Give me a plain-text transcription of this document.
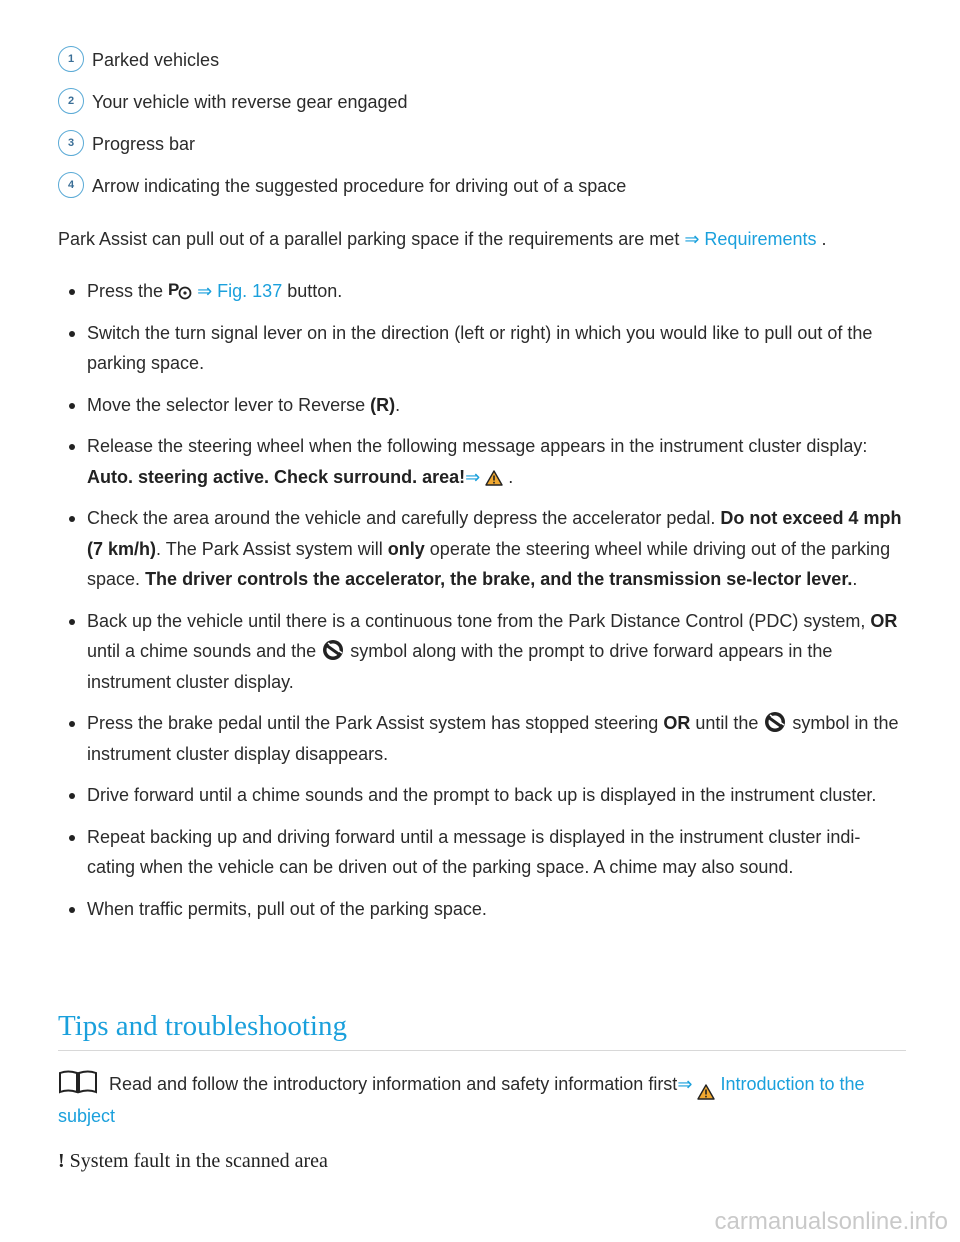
1 Parked vehicles
2 Your vehicle with reverse gear engaged
3 Progress bar
4 Arrow indicating the suggested procedure for driving out of a space
Park Assist can pull out of a parallel parking space if the requirements are met ⇒ Requirements .
Press the P ⇒ Fig. 137 button.
Switch the turn signal lever on in the direction (left or right) in which you would like to pull out of the parking space.
Move the selector lever to Reverse (R).
Release the steering wheel when the following message appears in the instrument cluster display: Auto. steering active. Check surround. area!⇒ .
Check the area around the vehicle and carefully depress the accelerator pedal. Do not exceed 4 mph (7 km/h). The Park Assist system will only operate the steering wheel while driving out of the parking space. The driver controls the accelerator, the brake, and the transmission se-lector lever..
Back up the vehicle until there is a continuous tone from the Park Distance Control (PDC) system, OR until a chime sounds and the symbol along with the prompt to drive forward appears in the instrument cluster display.
Press the brake pedal until the Park Assist system has stopped steering OR until the symbol in the instrument cluster display disappears.
Drive forward until a chime sounds and the prompt to back up is displayed in the instrument cluster.
Repeat backing up and driving forward until a message is displayed in the instrument cluster indi-cating when the vehicle can be driven out of the parking space. A chime may also sound.
When traffic permits, pull out of the parking space.
Tips and troubleshooting
Read and follow the introductory information and safety information first⇒ Introduction to the subject
! System fault in the scanned area
carmanualsonline.info
